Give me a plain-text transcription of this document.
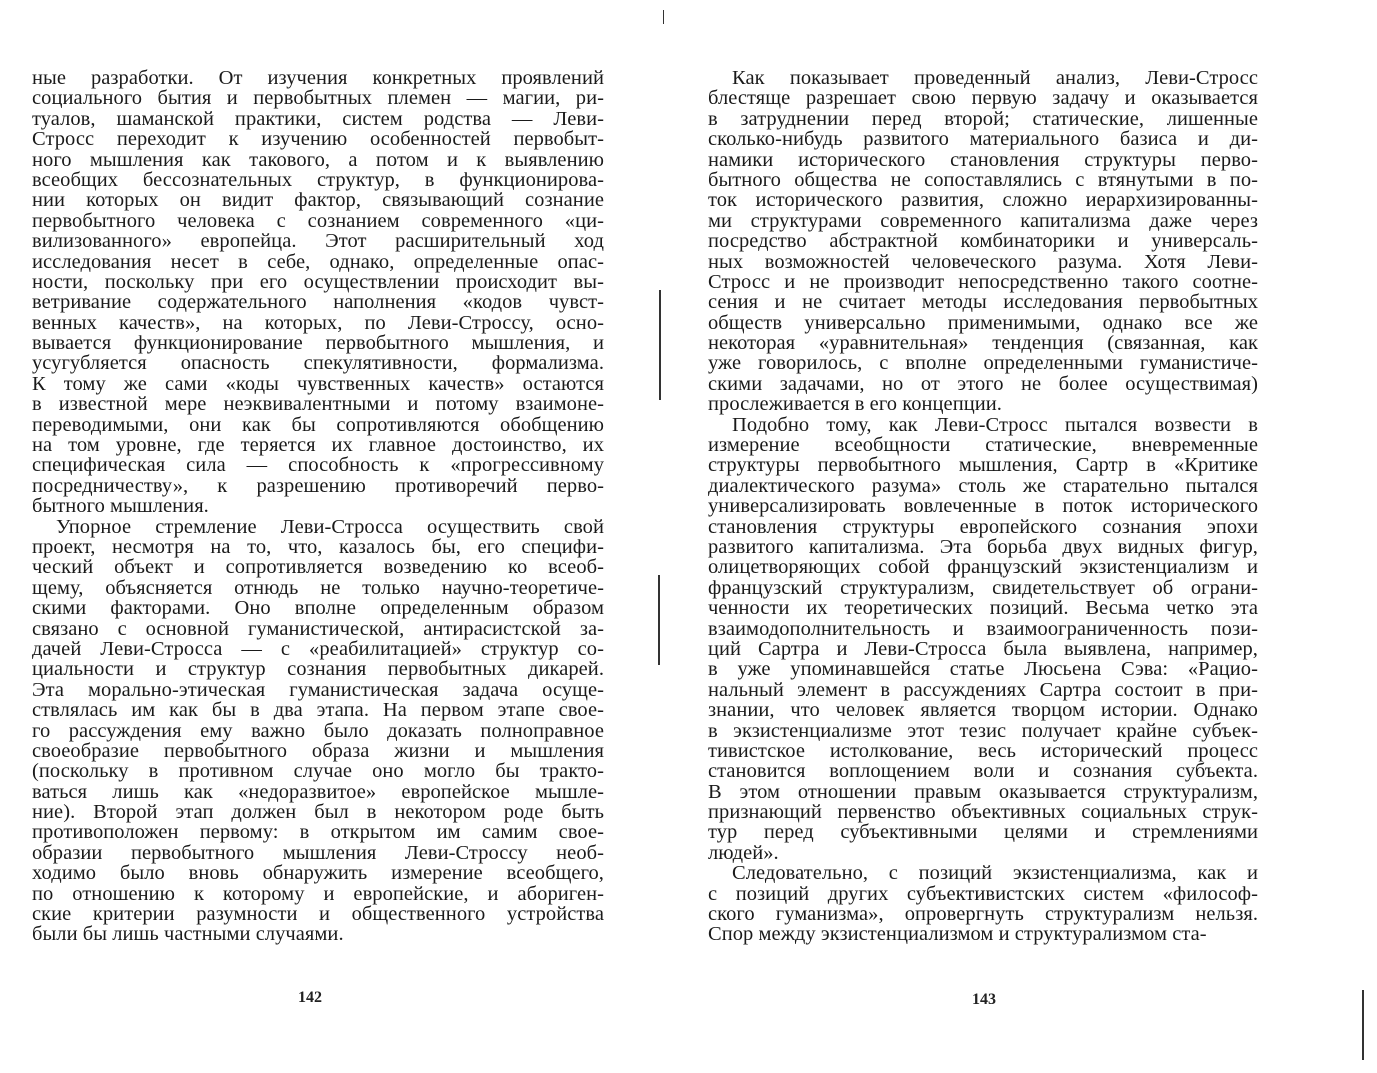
ные разработки. От изучения конкретных проявлений
социального бытия и первобытных племен — магии, ри-
туалов, шаманской практики, систем родства — Леви-
Стросс переходит к изучению особенностей первобыт-
ного мышления как такового, а потом и к выявлению
всеобщих бессознательных структур, в функционирова-
нии которых он видит фактор, связывающий сознание
первобытного человека с сознанием современного «ци-
вилизованного» европейца. Этот расширительный ход
исследования несет в себе, однако, определенные опас-
ности, поскольку при его осуществлении происходит вы-
ветривание содержательного наполнения «кодов чувст-
венных качеств», на которых, по Леви-Строссу, осно-
вывается функционирование первобытного мышления, и
усугубляется опасность спекулятивности, формализма.
К тому же сами «коды чувственных качеств» остаются
в известной мере неэквивалентными и потому взаимоне-
переводимыми, они как бы сопротивляются обобщению
на том уровне, где теряется их главное достоинство, их
специфическая сила — способность к «прогрессивному
посредничеству», к разрешению противоречий перво-
бытного мышления.
Упорное стремление Леви-Стросса осуществить свой
проект, несмотря на то, что, казалось бы, его специфи-
ческий объект и сопротивляется возведению ко всеоб-
щему, объясняется отнюдь не только научно-теоретиче-
скими факторами. Оно вполне определенным образом
связано с основной гуманистической, антирасистской за-
дачей Леви-Стросса — с «реабилитацией» структур со-
циальности и структур сознания первобытных дикарей.
Эта морально-этическая гуманистическая задача осуще-
ствлялась им как бы в два этапа. На первом этапе свое-
го рассуждения ему важно было доказать полноправное
своеобразие первобытного образа жизни и мышления
(поскольку в противном случае оно могло бы тракто-
ваться лишь как «недоразвитое» европейское мышле-
ние). Второй этап должен был в некотором роде быть
противоположен первому: в открытом им самим свое-
образии первобытного мышления Леви-Строссу необ-
ходимо было вновь обнаружить измерение всеобщего,
по отношению к которому и европейские, и абориген-
ские критерии разумности и общественного устройства
были бы лишь частными случаями.
142
Как показывает проведенный анализ, Леви-Стросс
блестяще разрешает свою первую задачу и оказывается
в затруднении перед второй; статические, лишенные
сколько-нибудь развитого материального базиса и ди-
намики исторического становления структуры перво-
бытного общества не сопоставлялись с втянутыми в по-
ток исторического развития, сложно иерархизированны-
ми структурами современного капитализма даже через
посредство абстрактной комбинаторики и универсаль-
ных возможностей человеческого разума. Хотя Леви-
Стросс и не производит непосредственно такого соотне-
сения и не считает методы исследования первобытных
обществ универсально применимыми, однако все же
некоторая «уравнительная» тенденция (связанная, как
уже говорилось, с вполне определенными гуманистиче-
скими задачами, но от этого не более осуществимая)
прослеживается в его концепции.
Подобно тому, как Леви-Стросс пытался возвести в
измерение всеобщности статические, вневременные
структуры первобытного мышления, Сартр в «Критике
диалектического разума» столь же старательно пытался
универсализировать вовлеченные в поток исторического
становления структуры европейского сознания эпохи
развитого капитализма. Эта борьба двух видных фигур,
олицетворяющих собой французский экзистенциализм и
французский структурализм, свидетельствует об ограни-
ченности их теоретических позиций. Весьма четко эта
взаимодополнительность и взаимоограниченность пози-
ций Сартра и Леви-Стросса была выявлена, например,
в уже упоминавшейся статье Люсьена Сэва: «Рацио-
нальный элемент в рассуждениях Сартра состоит в при-
знании, что человек является творцом истории. Однако
в экзистенциализме этот тезис получает крайне субъек-
тивистское истолкование, весь исторический процесс
становится воплощением воли и сознания субъекта.
В этом отношении правым оказывается структурализм,
признающий первенство объективных социальных струк-
тур перед субъективными целями и стремлениями
людей».
Следовательно, с позиций экзистенциализма, как и
с позиций других субъективистских систем «философ-
ского гуманизма», опровергнуть структурализм нельзя.
Спор между экзистенциализмом и структурализмом ста-
143
